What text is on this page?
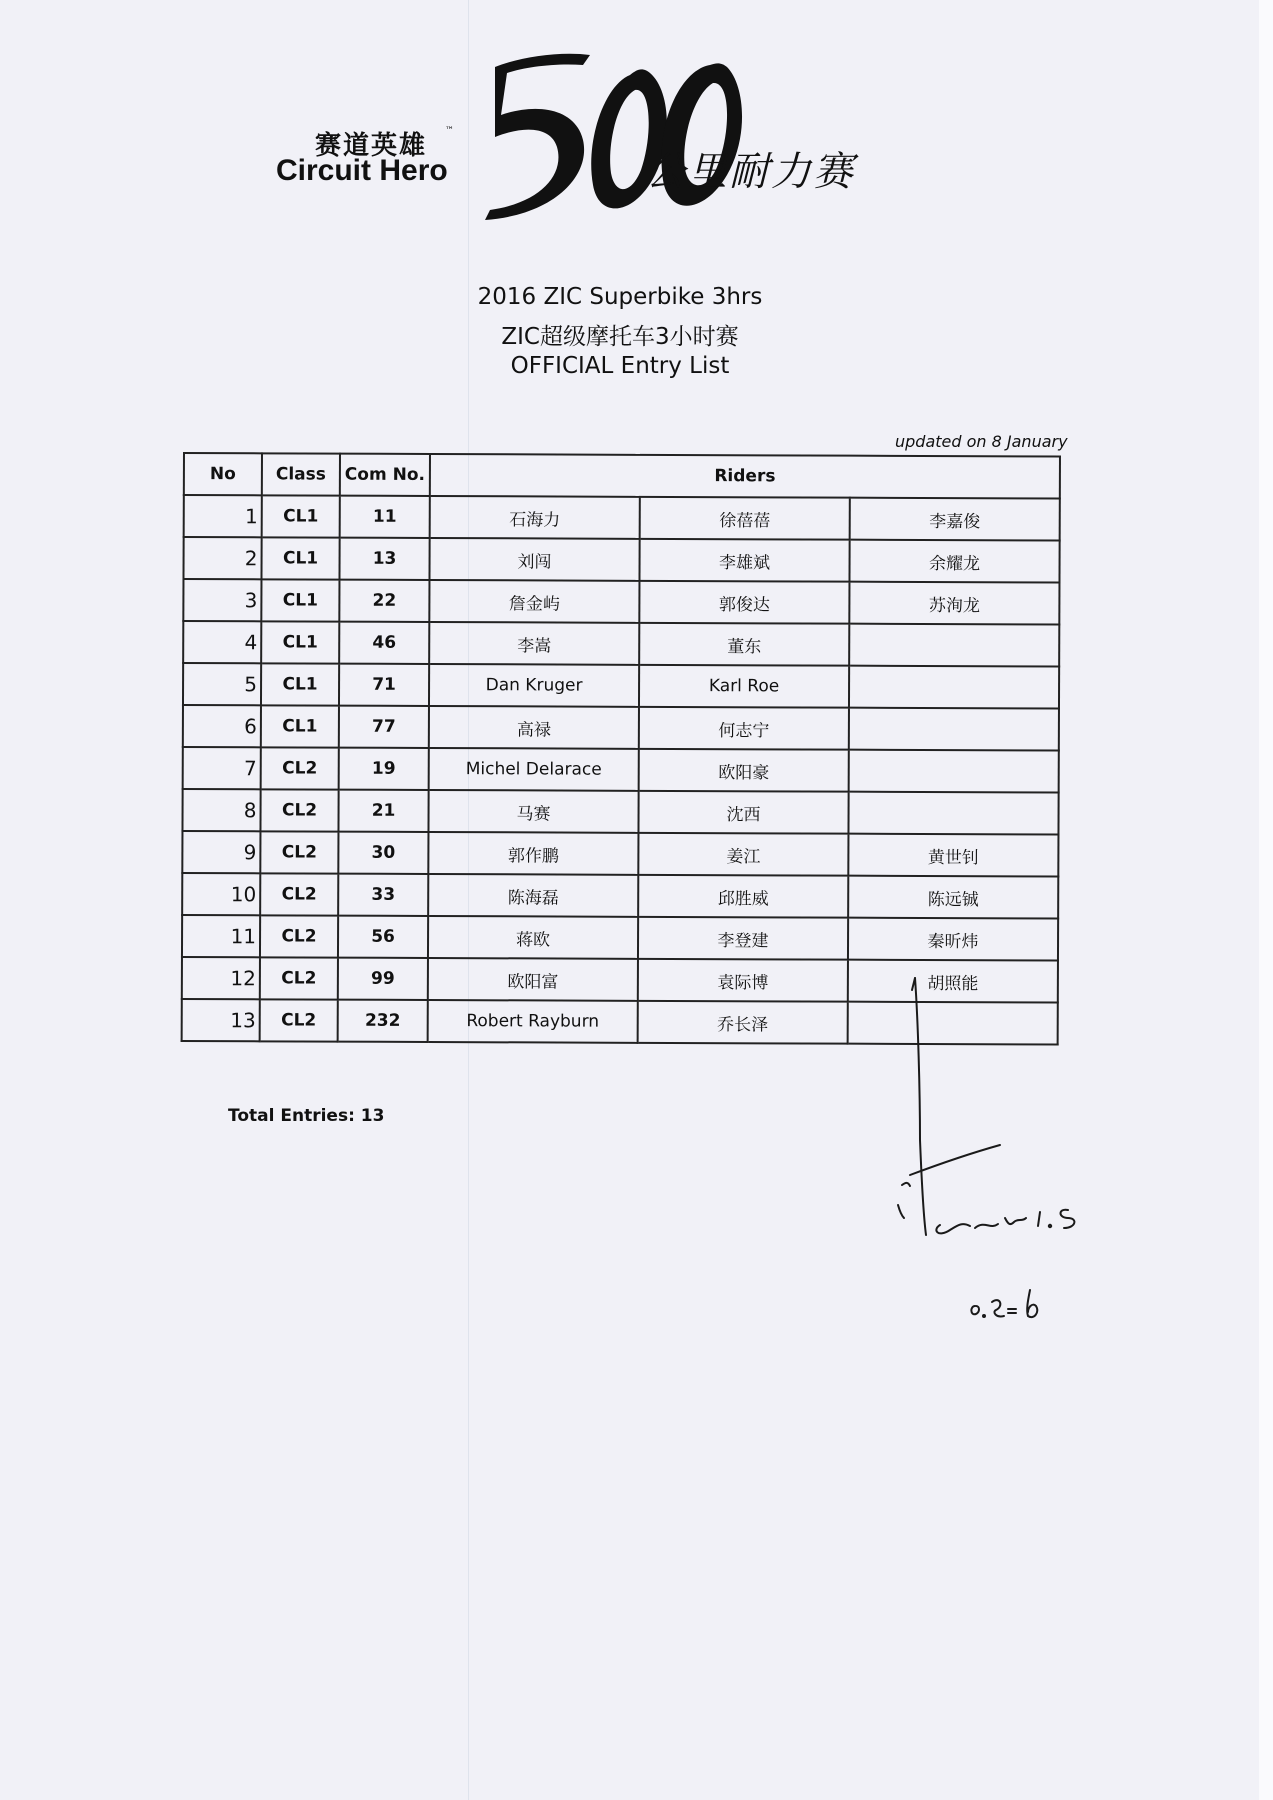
赛道英雄 ™
Circuit Hero	公里耐力赛
2016 ZIC Superbike 3hrs
ZIC超级摩托车3小时赛
OFFICIAL Entry List
updated on 8 January
No	Class	Com No.	Riders		
1	CL1	11	石海力	徐蓓蓓	李嘉俊
2	CL1	13	刘闯	李雄斌	余耀龙
3	CL1	22	詹金屿	郭俊达	苏洵龙
4	CL1	46	李嵩	董东	
5	CL1	71	Dan Kruger	Karl Roe	
6	CL1	77	高禄	何志宁	
7	CL2	19	Michel Delarace	欧阳豪	
8	CL2	21	马赛	沈西	
9	CL2	30	郭作鹏	姜江	黄世钊
10	CL2	33	陈海磊	邱胜威	陈远铖
11	CL2	56	蒋欧	李登建	秦昕炜
12	CL2	99	欧阳富	袁际博	胡照能
13	CL2	232	Robert Rayburn	乔长泽	
Total Entries: 13
